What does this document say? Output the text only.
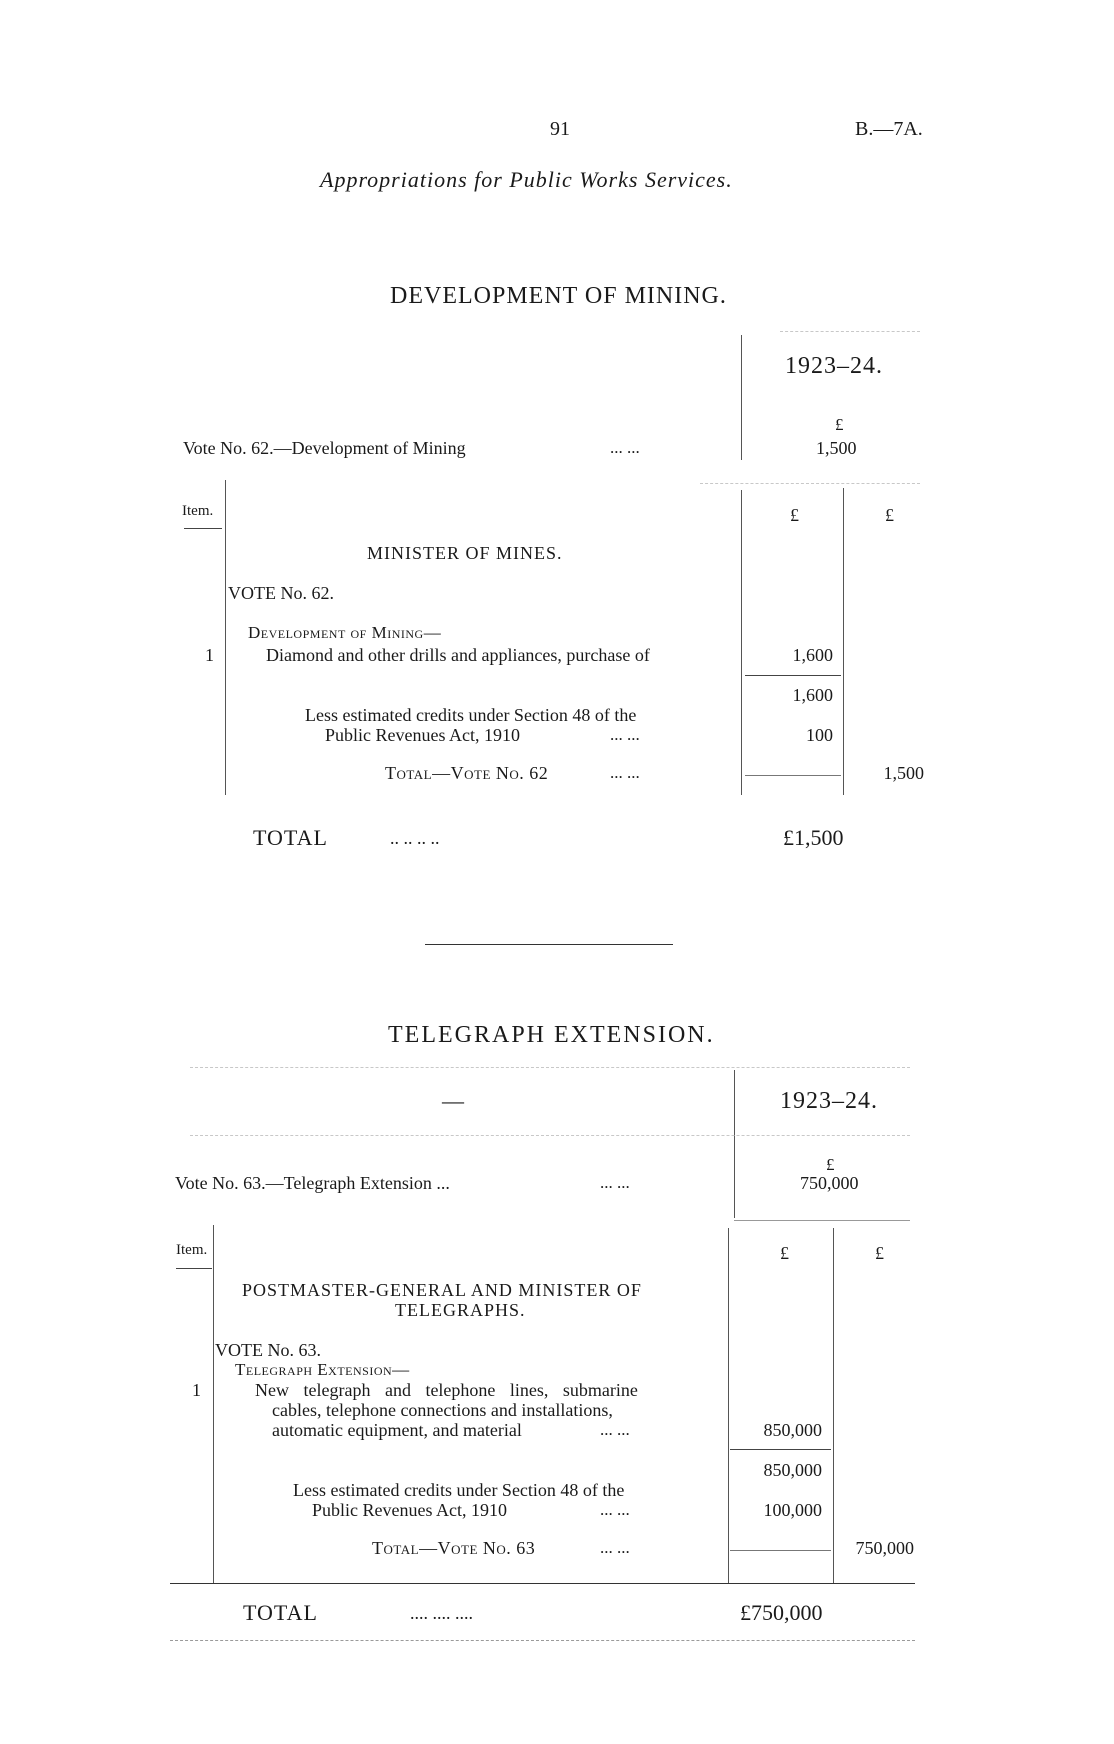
91	B.—7A.
Appropriations for Public Works Services.
DEVELOPMENT OF MINING.
1923–24.
£
Vote No. 62.—Development of Mining	... ...	1,500
Item.	£	£
MINISTER OF MINES.
VOTE No. 62.
Development of Mining—
1	Diamond and other drills and appliances, purchase of	1,600
1,600
Less estimated credits under Section 48 of the
Public Revenues Act, 1910	... ...	100
Total—Vote No. 62	... ...	1,500
TOTAL	.. .. .. ..	£1,500
TELEGRAPH EXTENSION.
—	1923–24.
£
Vote No. 63.—Telegraph Extension ...	... ...	750,000
Item.	£	£
POSTMASTER-GENERAL AND MINISTER OF
TELEGRAPHS.
VOTE No. 63.
Telegraph Extension—
1	New telegraph and telephone lines, submarine
cables, telephone connections and installations,
automatic equipment, and material	... ...	850,000
850,000
Less estimated credits under Section 48 of the
Public Revenues Act, 1910	... ...	100,000
Total—Vote No. 63	... ...	750,000
TOTAL	.... .... ....	£750,000
